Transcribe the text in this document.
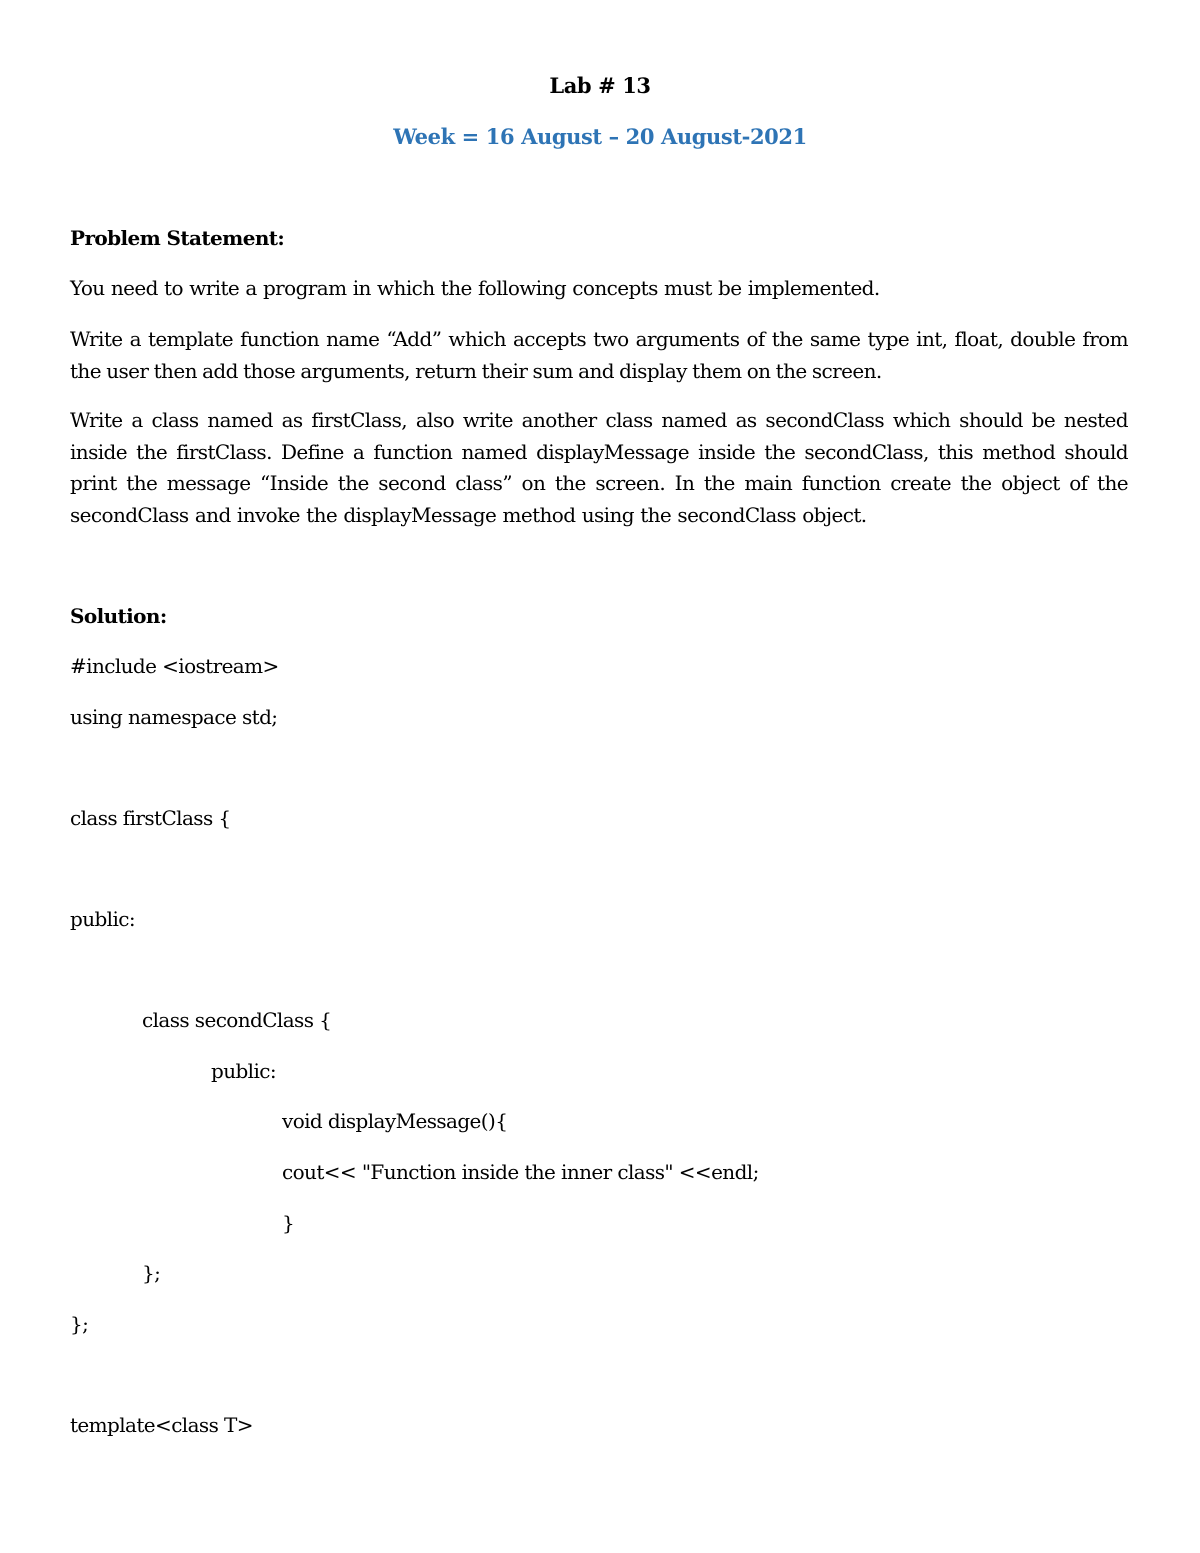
Lab # 13
Week = 16 August – 20 August-2021
Problem Statement:
You need to write a program in which the following concepts must be implemented.
Write a template function name “Add” which accepts two arguments of the same type int, float, double from the user then add those arguments, return their sum and display them on the screen.
Write a class named as firstClass, also write another class named as secondClass which should be nested inside the firstClass. Define a function named displayMessage inside the secondClass, this method should print the message “Inside the second class” on the screen. In the main function create the object of the secondClass and invoke the displayMessage method using the secondClass object.
Solution:
#include <iostream>
using namespace std;
class firstClass {
public:
class secondClass {
public:
void displayMessage(){
cout<< "Function inside the inner class" <<endl;
}
};
};
template<class T>
